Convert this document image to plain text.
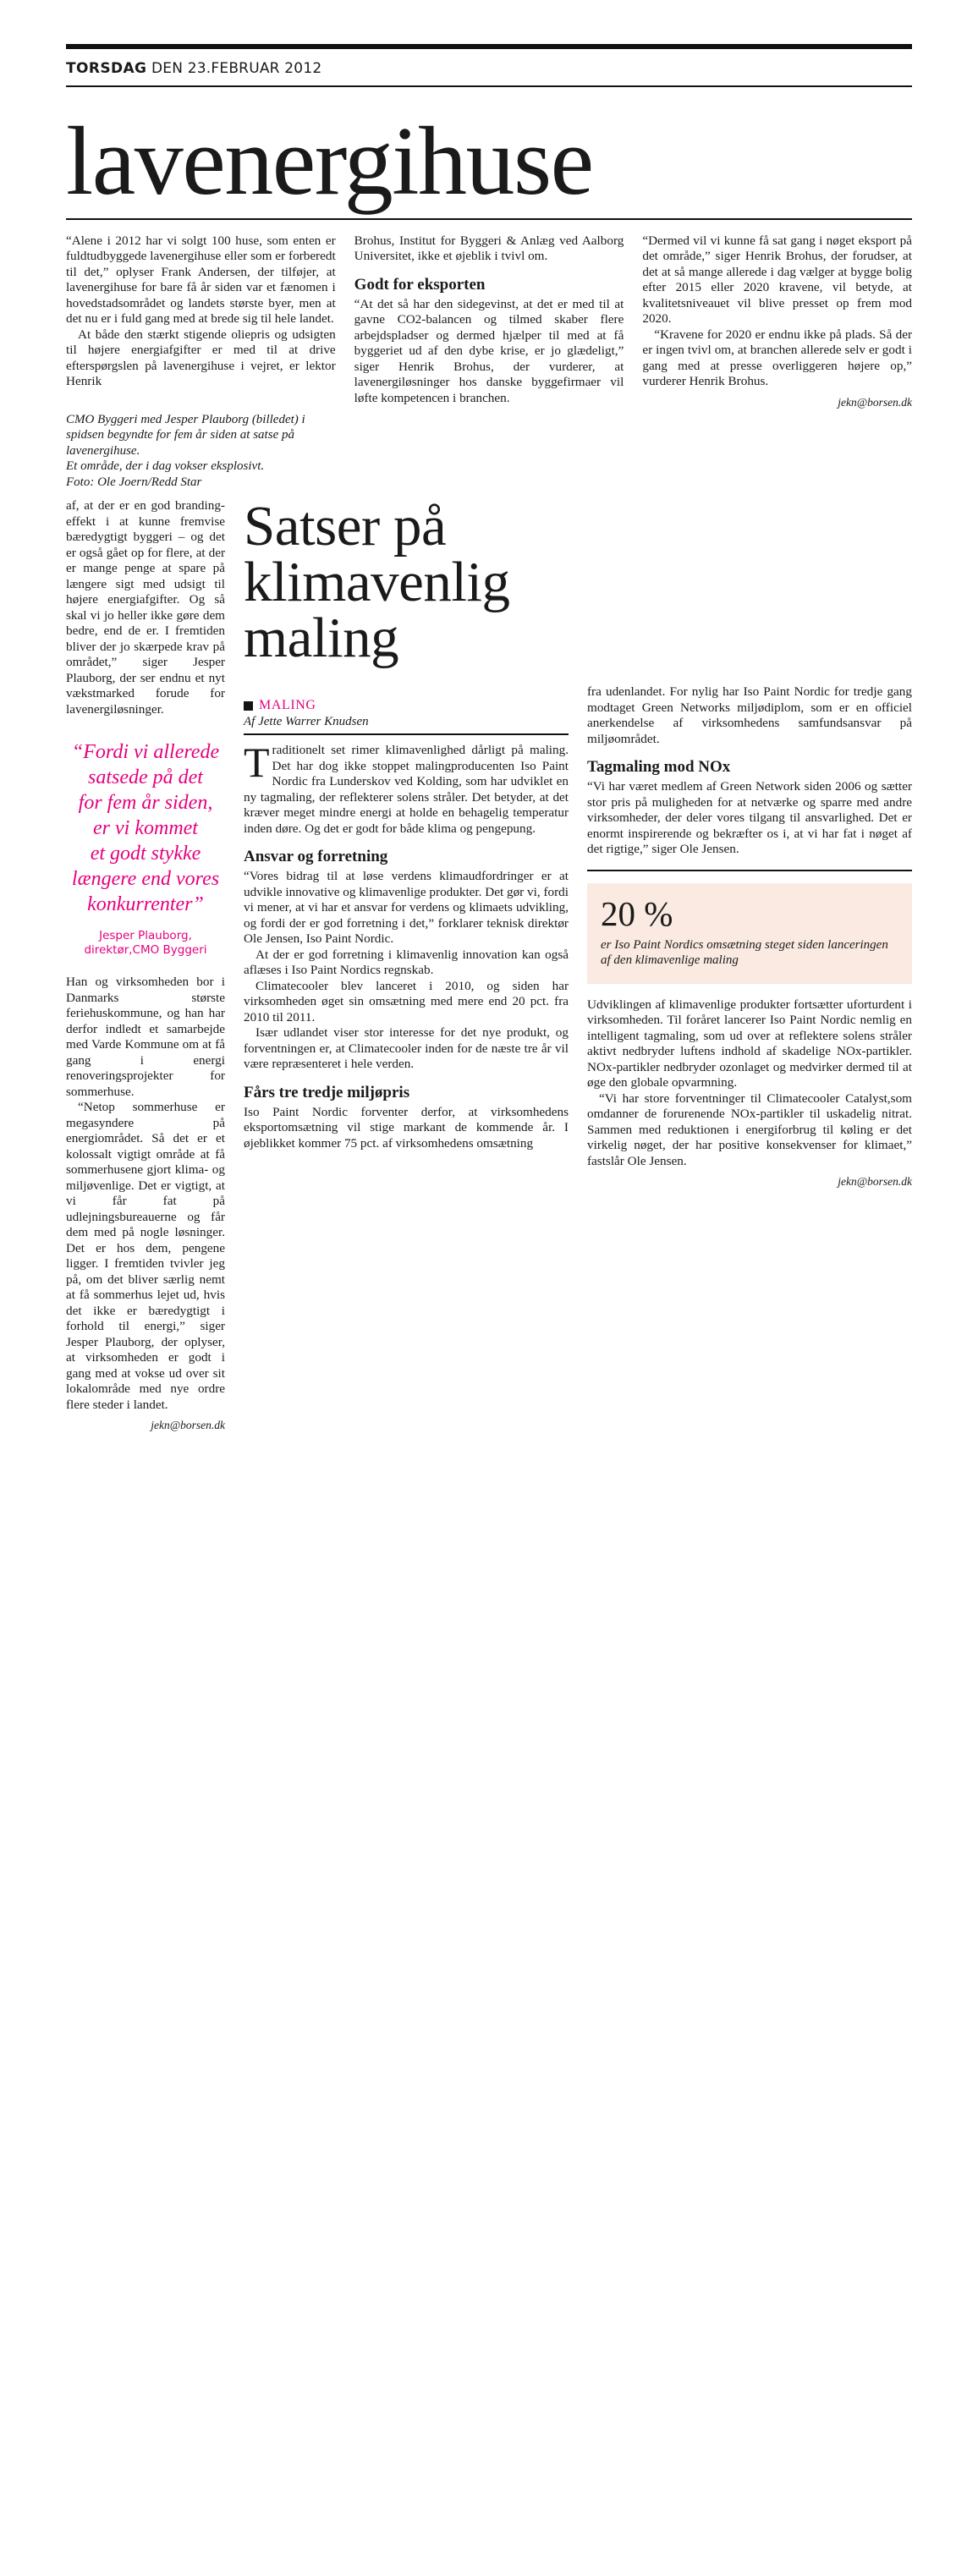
TORSDAG DEN 23.FEBRUAR 2012
lavenergihuse

“Alene i 2012 har vi solgt 100 huse, som enten er fuldtudbyggede lavenergihuse eller som er forberedt til det,” oplyser Frank Andersen, der tilføjer, at lavenergihuse for bare få år siden var et fænomen i hovedstadsområdet og landets største byer, men at det nu er i fuld gang med at brede sig til hele landet.

At både den stærkt stigende oliepris og udsigten til højere energiafgifter er med til at drive efterspørgslen på lavenergihuse i vejret, er lektor Henrik

CMO Byggeri med Jesper Plauborg (billedet) i spidsen begyndte for fem år siden at satse på lavenergihuse.
Et område, der i dag vokser eksplosivt.
Foto: Ole Joern/Redd Star

Brohus, Institut for Byggeri & Anlæg ved Aalborg Universitet, ikke et øjeblik i tvivl om.

Godt for eksporten

“At det så har den sidegevinst, at det er med til at gavne CO2-balancen og tilmed skaber flere arbejdspladser og dermed hjælper til med at få byggeriet ud af den dybe krise, er jo glædeligt,” siger Henrik Brohus, der vurderer, at lavenergiløsninger hos danske byggefirmaer vil løfte kompetencen i branchen.

“Dermed vil vi kunne få sat gang i nøget eksport på det område,” siger Henrik Brohus, der forudser, at det at så mange allerede i dag vælger at bygge bolig efter 2015 eller 2020 kravene, vil betyde, at kvalitetsniveauet vil blive presset op frem mod 2020.

“Kravene for 2020 er endnu ikke på plads. Så der er ingen tvivl om, at branchen allerede selv er godt i gang med at presse overliggeren højere op,” vurderer Henrik Brohus.

jekn@borsen.dk

af, at der er en god branding-effekt i at kunne fremvise bæredygtigt byggeri – og det er også gået op for flere, at der er mange penge at spare på længere sigt med udsigt til højere energiafgifter. Og så skal vi jo heller ikke gøre dem bedre, end de er. I fremtiden bliver der jo skærpede krav på området,” siger Jesper Plauborg, der ser endnu et nyt vækstmarked forude for lavenergiløsninger.

“Fordi vi allerede
satsede på det
for fem år siden,
er vi kommet
et godt stykke
længere end vores
konkurrenter”
Jesper Plauborg,
direktør,CMO Byggeri

Han og virksomheden bor i Danmarks største feriehuskommune, og han har derfor indledt et samarbejde med Varde Kommune om at få gang i energi renoveringsprojekter for sommerhuse.

“Netop sommerhuse er megasyndere på energiområdet. Så det er et kolossalt vigtigt område at få sommerhusene gjort klima- og miljøvenlige. Det er vigtigt, at vi får fat på udlejningsbureauerne og får dem med på nogle løsninger. Det er hos dem, pengene ligger. I fremtiden tvivler jeg på, om det bliver særlig nemt at få sommerhus lejet ud, hvis det ikke er bæredygtigt i forhold til energi,” siger Jesper Plauborg, der oplyser, at virksomheden er godt i gang med at vokse ud over sit lokalområde med nye ordre flere steder i landet.

jekn@borsen.dk

Satser på
klimavenlig
maling
MALING
Af Jette Warrer Knudsen

Traditionelt set rimer klimavenlighed dårligt på maling. Det har dog ikke stoppet malingproducenten Iso Paint Nordic fra Lunderskov ved Kolding, som har udviklet en ny tagmaling, der reflekterer solens stråler. Det betyder, at det kræver meget mindre energi at holde en behagelig temperatur inden døre. Og det er godt for både klima og pengepung.

Ansvar og forretning

“Vores bidrag til at løse verdens klimaudfordringer er at udvikle innovative og klimavenlige produkter. Det gør vi, fordi vi mener, at vi har et ansvar for verdens og klimaets udvikling, og fordi der er god forretning i det,” forklarer teknisk direktør Ole Jensen, Iso Paint Nordic.

At der er god forretning i klimavenlig innovation kan også aflæses i Iso Paint Nordics regnskab.

Climatecooler blev lanceret i 2010, og siden har virksomheden øget sin omsætning med mere end 20 pct. fra 2010 til 2011.

Især udlandet viser stor interesse for det nye produkt, og forventningen er, at Climatecooler inden for de næste tre år vil være repræsenteret i hele verden.

Fårs tre tredje miljøpris

Iso Paint Nordic forventer derfor, at virksomhedens eksportomsætning vil stige markant de kommende år. I øjeblikket kommer 75 pct. af virksomhedens omsætning

fra udenlandet. For nylig har Iso Paint Nordic for tredje gang modtaget Green Networks miljødiplom, som er en officiel anerkendelse af virksomhedens samfundsansvar på miljøområdet.

Tagmaling mod NOx

“Vi har været medlem af Green Network siden 2006 og sætter stor pris på muligheden for at netværke og sparre med andre virksomheder, der deler vores tilgang til ansvarlighed. Det er enormt inspirerende og bekræfter os i, at vi har fat i nøget af det rigtige,” siger Ole Jensen.

20 %

er Iso Paint Nordics omsætning steget siden lanceringen af den klimavenlige maling

Udviklingen af klimavenlige produkter fortsætter uforturdent i virksomheden. Til foråret lancerer Iso Paint Nordic nemlig en intelligent tagmaling, som ud over at reflektere solens stråler aktivt nedbryder luftens indhold af skadelige NOx-partikler. NOx-partikler nedbryder ozonlaget og medvirker dermed til at øge den globale opvarmning.

“Vi har store forventninger til Climatecooler Catalyst,som omdanner de forurenende NOx-partikler til uskadelig nitrat. Sammen med reduktionen i energiforbrug til køling er det virkelig nøget, der har positive konsekvenser for klimaet,” fastslår Ole Jensen.

jekn@borsen.dk
